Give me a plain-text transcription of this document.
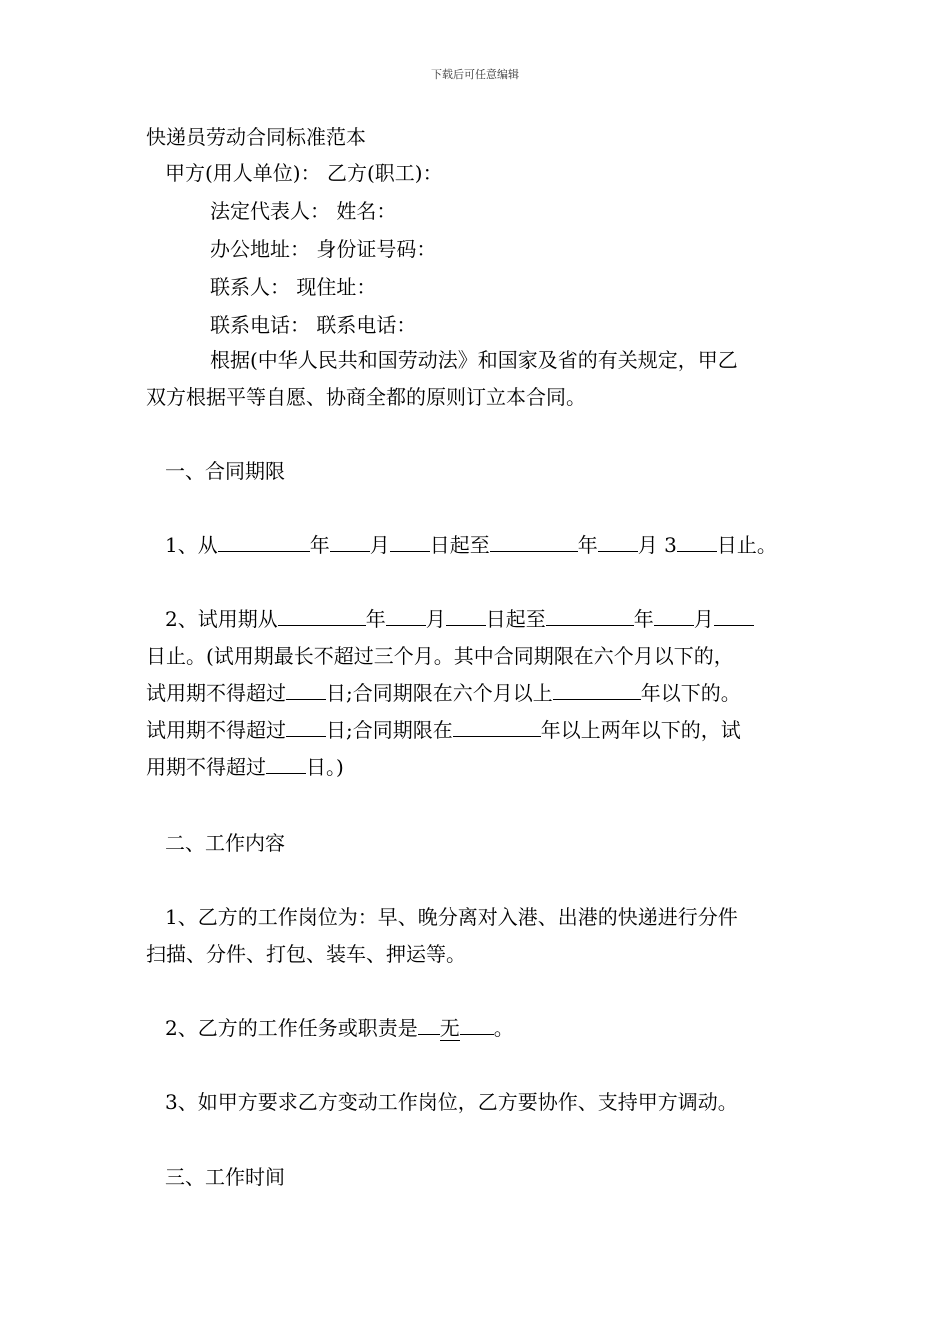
下载后可任意编辑
快递员劳动合同标准范本
甲方(用人单位)： 乙方(职工)：
法定代表人： 姓名：
办公地址： 身份证号码：
联系人： 现住址：
联系电话： 联系电话：
根据(中华人民共和国劳动法》和国家及省的有关规定，甲乙
双方根据平等自愿、协商全都的原则订立本合同。
一、合同期限
1、从	年 月 日起至	年 月 3 日止。
2、试用期从	年 月 日起至	年 月
日止。(试用期最长不超过三个月。其中合同期限在六个月以下的，
试用期不得超过 日;合同期限在六个月以上	年以下的。
试用期不得超过 日;合同期限在	年以上两年以下的，试
用期不得超过 日。)
二、工作内容
1、乙方的工作岗位为：早、晚分离对入港、出港的快递进行分件
扫描、分件、打包、装车、押运等。
2、乙方的工作任务或职责是 无 。
3、如甲方要求乙方变动工作岗位，乙方要协作、支持甲方调动。
三、工作时间
